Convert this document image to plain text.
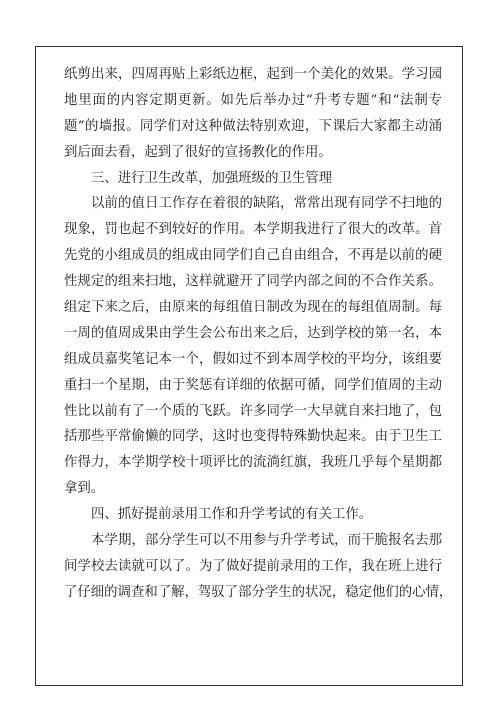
纸剪出来，四周再贴上彩纸边框，起到一个美化的效果。学习园
地里面的内容定期更新。如先后举办过“升考专题”和“法制专
题”的墙报。同学们对这种做法特别欢迎，下课后大家都主动涌
到后面去看，起到了很好的宣扬教化的作用。
三、进行卫生改革，加强班级的卫生管理
以前的值日工作存在着很的缺陷，常常出现有同学不扫地的
现象，罚也起不到较好的作用。本学期我进行了很大的改革。首
先党的小组成员的组成由同学们自己自由组合，不再是以前的硬
性规定的组来扫地，这样就避开了同学内部之间的不合作关系。
组定下来之后，由原来的每组值日制改为现在的每组值周制。每
一周的值周成果由学生会公布出来之后，达到学校的第一名，本
组成员嘉奖笔记本一个，假如过不到本周学校的平均分，该组要
重扫一个星期，由于奖惩有详细的依据可循，同学们值周的主动
性比以前有了一个质的飞跃。许多同学一大早就自来扫地了，包
括那些平常偷懒的同学，这时也变得特殊勤快起来。由于卫生工
作得力，本学期学校十项评比的流淌红旗，我班几乎每个星期都
拿到。
四、抓好提前录用工作和升学考试的有关工作。
本学期，部分学生可以不用参与升学考试，而干脆报名去那
间学校去读就可以了。为了做好提前录用的工作，我在班上进行
了仔细的调查和了解，驾驭了部分学生的状况，稳定他们的心情，
